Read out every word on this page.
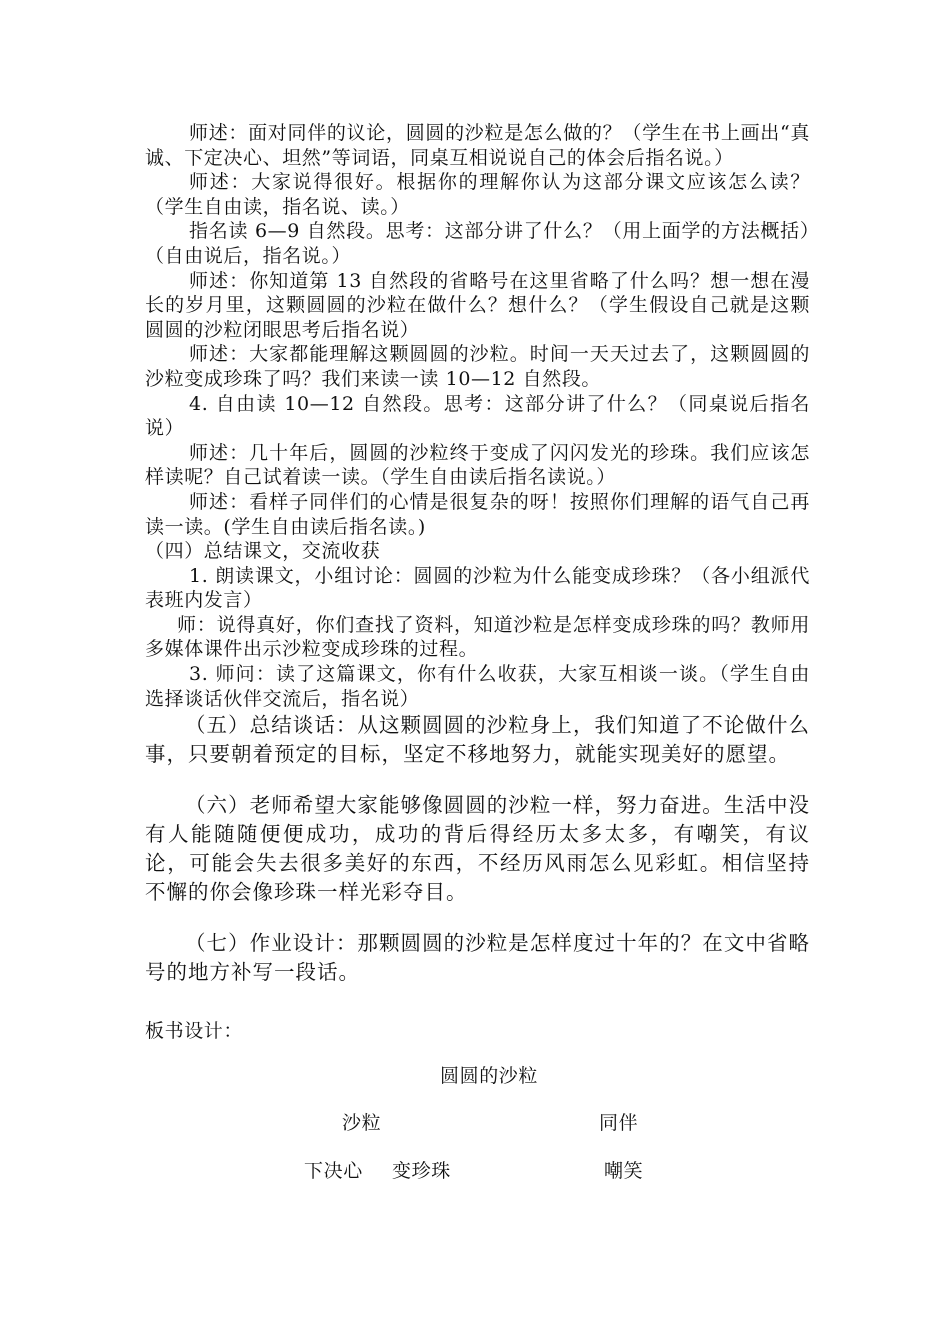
师述：面对同伴的议论，圆圆的沙粒是怎么做的？（学生在书上画出“真诚、下定决心、坦然”等词语，同桌互相说说自己的体会后指名说。）

师述：大家说得很好。根据你的理解你认为这部分课文应该怎么读？（学生自由读，指名说、读。）

指名读 6—9 自然段。思考：这部分讲了什么？（用上面学的方法概括）（自由说后，指名说。）

师述：你知道第 13 自然段的省略号在这里省略了什么吗？想一想在漫长的岁月里，这颗圆圆的沙粒在做什么？想什么？（学生假设自己就是这颗圆圆的沙粒闭眼思考后指名说）

师述：大家都能理解这颗圆圆的沙粒。时间一天天过去了，这颗圆圆的沙粒变成珍珠了吗？我们来读一读 10—12 自然段。

4. 自由读 10—12 自然段。思考：这部分讲了什么？（同桌说后指名说）

师述：几十年后，圆圆的沙粒终于变成了闪闪发光的珍珠。我们应该怎样读呢？自己试着读一读。（学生自由读后指名读说。）

师述：看样子同伴们的心情是很复杂的呀！按照你们理解的语气自己再读一读。(学生自由读后指名读。)

（四）总结课文，交流收获

1. 朗读课文，小组讨论：圆圆的沙粒为什么能变成珍珠？（各小组派代表班内发言）

师：说得真好，你们查找了资料，知道沙粒是怎样变成珍珠的吗？教师用多媒体课件出示沙粒变成珍珠的过程。

3. 师问：读了这篇课文，你有什么收获，大家互相谈一谈。（学生自由选择谈话伙伴交流后，指名说）

（五）总结谈话：从这颗圆圆的沙粒身上，我们知道了不论做什么事，只要朝着预定的目标，坚定不移地努力，就能实现美好的愿望。

（六）老师希望大家能够像圆圆的沙粒一样，努力奋进。生活中没有人能随随便便成功，成功的背后得经历太多太多，有嘲笑，有议论，可能会失去很多美好的东西，不经历风雨怎么见彩虹。相信坚持不懈的你会像珍珠一样光彩夺目。

（七）作业设计：那颗圆圆的沙粒是怎样度过十年的？在文中省略号的地方补写一段话。

板书设计：
圆圆的沙粒
沙粒	同伴
下决心 变珍珠	嘲笑
